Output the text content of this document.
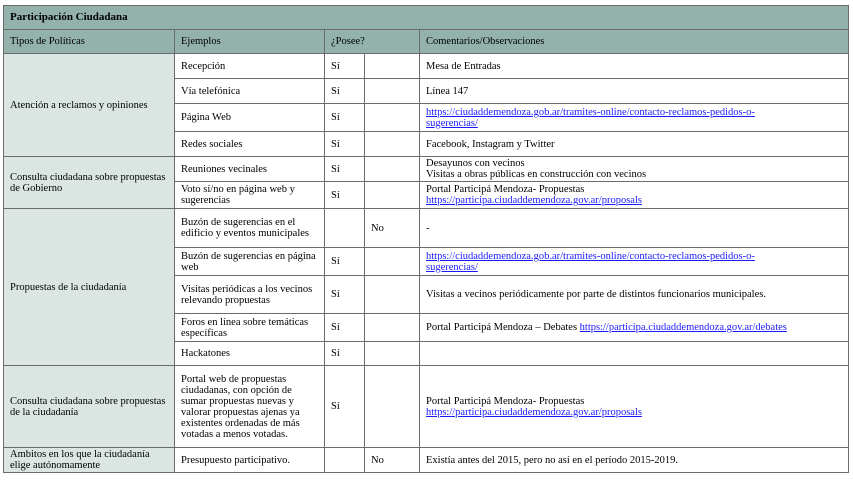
Participación Ciudadana				
Tipos de Políticas	Ejemplos	¿Posee?		Comentarios/Observaciones
Atención a reclamos y opiniones	Recepción	Sí		Mesa de Entradas
	Vía telefónica	Sí		Línea 147
	Página Web	Sí		https://ciudaddemendoza.gob.ar/tramites-online/contacto-reclamos-pedidos-o-
sugerencias/

	Redes sociales	Sí		Facebook, Instagram y Twitter
Consulta ciudadana sobre propuestas de Gobierno	Reuniones vecinales	Sí		Desayunos con vecinos
Visitas a obras públicas en construcción con vecinos

	Voto sí/no en página web y sugerencias	Sí		Portal Participá Mendoza- Propuestas
https://participa.ciudaddemendoza.gov.ar/proposals

Propuestas de la ciudadanía	Buzón de sugerencias en el edificio y eventos municipales		No	-
	Buzón de sugerencias en página web	Sí		https://ciudaddemendoza.gob.ar/tramites-online/contacto-reclamos-pedidos-o-
sugerencias/

	Visitas periódicas a los vecinos relevando propuestas	Sí		Visitas a vecinos periódicamente por parte de distintos funcionarios municipales.
	Foros en línea sobre temáticas específicas	Sí		Portal Participá Mendoza – Debates https://participa.ciudaddemendoza.gov.ar/debates
	Hackatones	Sí		
Consulta ciudadana sobre propuestas de la ciudadanía	Portal web de propuestas ciudadanas, con opción de sumar propuestas nuevas y valorar propuestas ajenas ya existentes ordenadas de más votadas a menos votadas.	Sí		Portal Participá Mendoza- Propuestas
https://participa.ciudaddemendoza.gov.ar/proposals

Ambitos en los que la ciudadanía elige autónomamente	Presupuesto participativo.		No	Existía antes del 2015, pero no así en el período 2015-2019.
